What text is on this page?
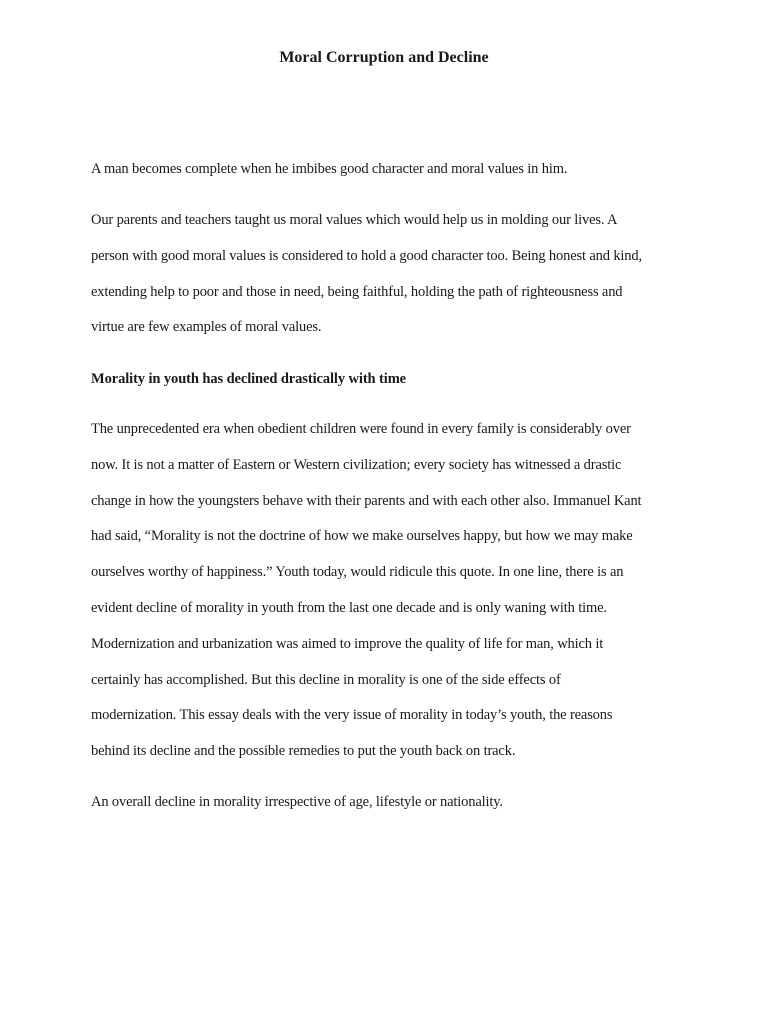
Moral Corruption and Decline

A man becomes complete when he imbibes good character and moral values in him.

Our parents and teachers taught us moral values which would help us in molding our lives. A
person with good moral values is considered to hold a good character too. Being honest and kind,
extending help to poor and those in need, being faithful, holding the path of righteousness and
virtue are few examples of moral values.

Morality in youth has declined drastically with time

The unprecedented era when obedient children were found in every family is considerably over
now. It is not a matter of Eastern or Western civilization; every society has witnessed a drastic
change in how the youngsters behave with their parents and with each other also. Immanuel Kant
had said, “Morality is not the doctrine of how we make ourselves happy, but how we may make
ourselves worthy of happiness.” Youth today, would ridicule this quote. In one line, there is an
evident decline of morality in youth from the last one decade and is only waning with time.
Modernization and urbanization was aimed to improve the quality of life for man, which it
certainly has accomplished. But this decline in morality is one of the side effects of
modernization. This essay deals with the very issue of morality in today’s youth, the reasons
behind its decline and the possible remedies to put the youth back on track.

An overall decline in morality irrespective of age, lifestyle or nationality.
